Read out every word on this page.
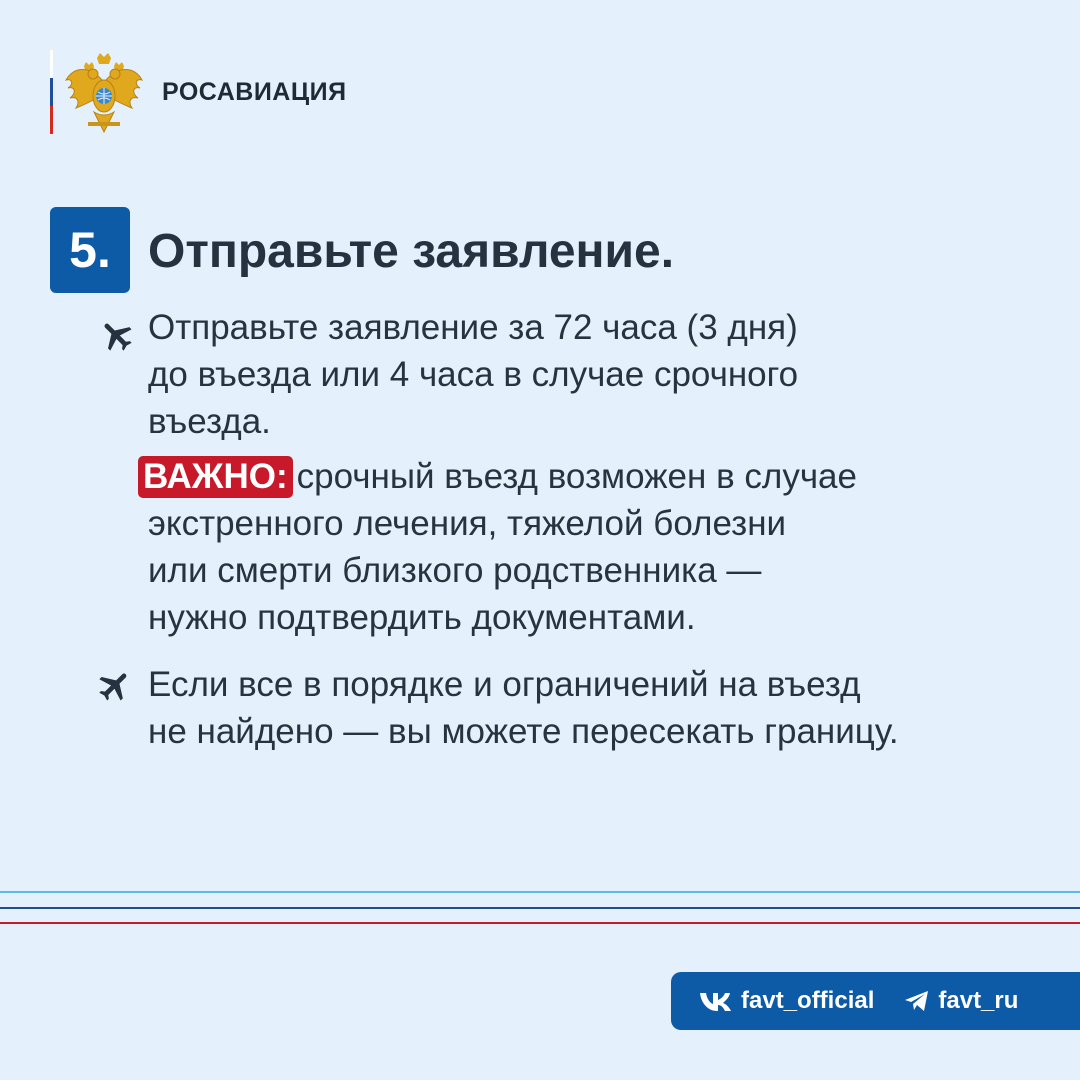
РОСАВИАЦИЯ
5. Отправьте заявление.
Отправьте заявление за 72 часа (3 дня)
до въезда или 4 часа в случае срочного
въезда.
ВАЖНО: срочный въезд возможен в случае
экстренного лечения, тяжелой болезни
или смерти близкого родственника —
нужно подтвердить документами.
Если все в порядке и ограничений на въезд
не найдено — вы можете пересекать границу.
favt_official	favt_ru
